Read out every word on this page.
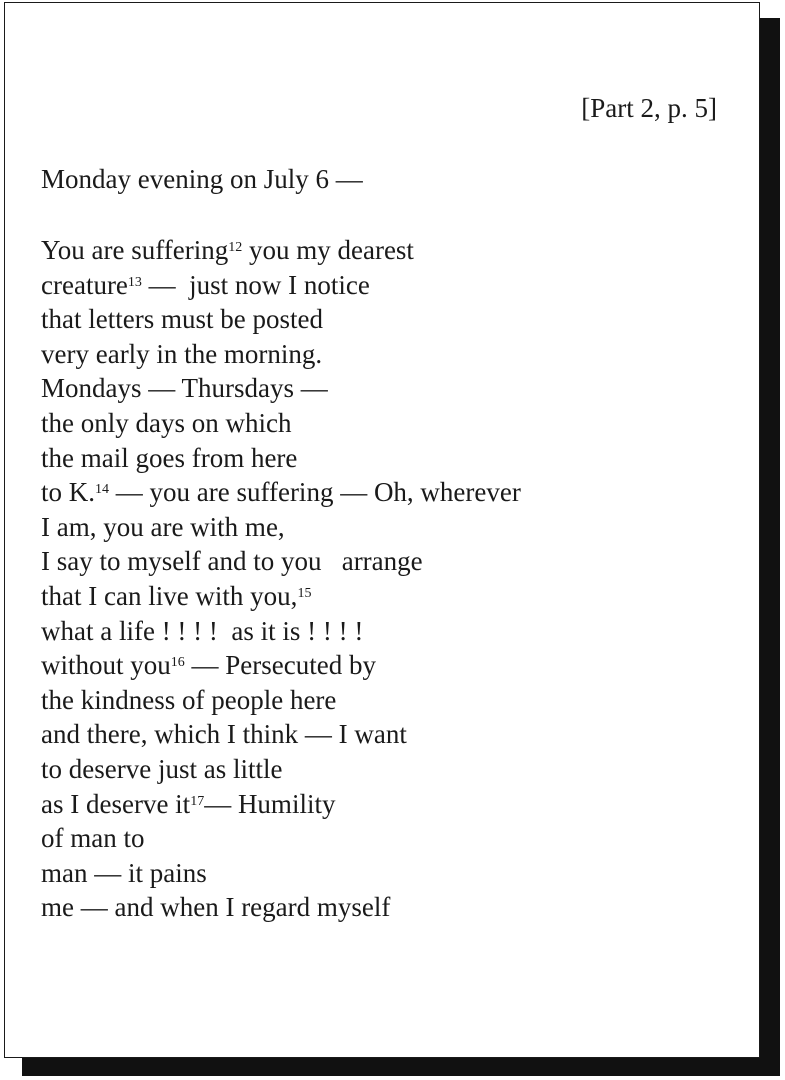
[Part 2, p. 5]
Monday evening on July 6 —
You are suffering$^{12}$ you my dearest
creature$^{13}$ —  just now I notice
that letters must be posted
very early in the morning.
Mondays — Thursdays —
the only days on which
the mail goes from here
to K.$^{14}$ — you are suffering — Oh, wherever
I am, you are with me,
I say to myself and to you   arrange
that I can live with you,$^{15}$
what a life ! ! ! !  as it is ! ! ! !
without you$^{16}$ — Persecuted by
the kindness of people here
and there, which I think — I want
to deserve just as little
as I deserve $it^{17}—$ Humility
of man to
man — it pains
me — and when I regard myself
